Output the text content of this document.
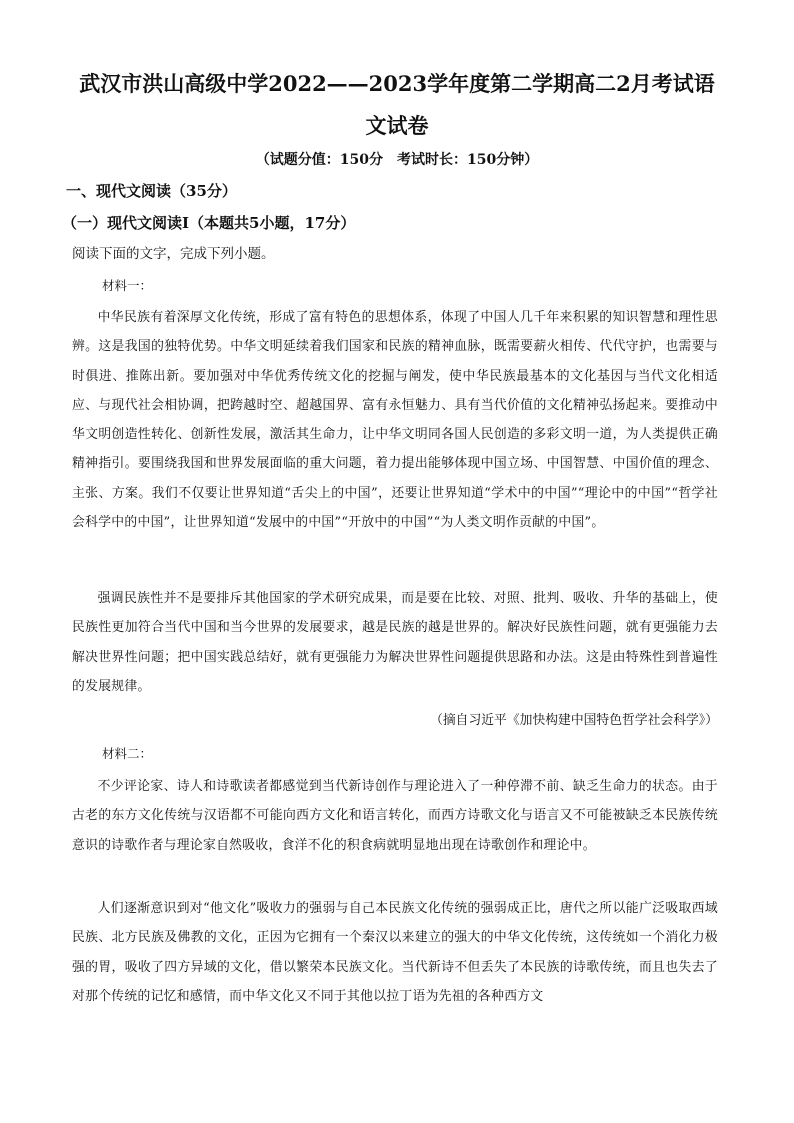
武汉市洪山高级中学2022——2023学年度第二学期高二2月考试语
文试卷
（试题分值：150分　考试时长：150分钟）
一、现代文阅读（35分）
（一）现代文阅读Ⅰ（本题共5小题，17分）
阅读下面的文字，完成下列小题。
材料一：

中华民族有着深厚文化传统，形成了富有特色的思想体系，体现了中国人几千年来积累的知识智慧和理性思辨。这是我国的独特优势。中华文明延续着我们国家和民族的精神血脉，既需要薪火相传、代代守护，也需要与时俱进、推陈出新。要加强对中华优秀传统文化的挖掘与阐发，使中华民族最基本的文化基因与当代文化相适应、与现代社会相协调，把跨越时空、超越国界、富有永恒魅力、具有当代价值的文化精神弘扬起来。要推动中华文明创造性转化、创新性发展，激活其生命力，让中华文明同各国人民创造的多彩文明一道，为人类提供正确精神指引。要围绕我国和世界发展面临的重大问题，着力提出能够体现中国立场、中国智慧、中国价值的理念、主张、方案。我们不仅要让世界知道“舌尖上的中国”，还要让世界知道“学术中的中国”“理论中的中国”“哲学社会科学中的中国”，让世界知道“发展中的中国”“开放中的中国”“为人类文明作贡献的中国”。

强调民族性并不是要排斥其他国家的学术研究成果，而是要在比较、对照、批判、吸收、升华的基础上，使民族性更加符合当代中国和当今世界的发展要求，越是民族的越是世界的。解决好民族性问题，就有更强能力去解决世界性问题；把中国实践总结好，就有更强能力为解决世界性问题提供思路和办法。这是由特殊性到普遍性的发展规律。

（摘自习近平《加快构建中国特色哲学社会科学》）
材料二：

不少评论家、诗人和诗歌读者都感觉到当代新诗创作与理论进入了一种停滞不前、缺乏生命力的状态。由于古老的东方文化传统与汉语都不可能向西方文化和语言转化，而西方诗歌文化与语言又不可能被缺乏本民族传统意识的诗歌作者与理论家自然吸收，食洋不化的积食病就明显地出现在诗歌创作和理论中。

人们逐渐意识到对“他文化”吸收力的强弱与自己本民族文化传统的强弱成正比，唐代之所以能广泛吸取西域民族、北方民族及佛教的文化，正因为它拥有一个秦汉以来建立的强大的中华文化传统，这传统如一个消化力极强的胃，吸收了四方异域的文化，借以繁荣本民族文化。当代新诗不但丢失了本民族的诗歌传统，而且也失去了对那个传统的记忆和感情，而中华文化又不同于其他以拉丁语为先祖的各种西方文
